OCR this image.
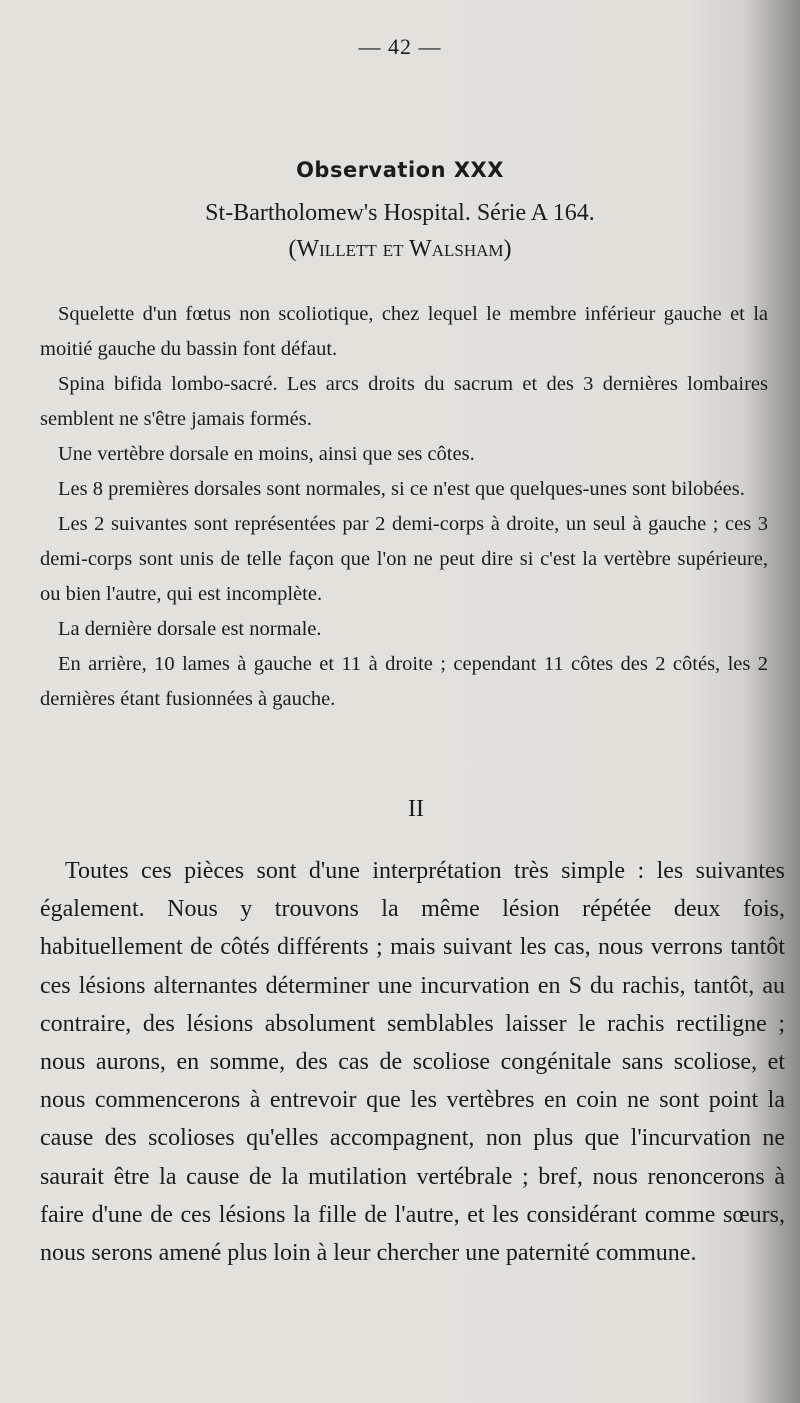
— 42 —
Observation XXX
St-Bartholomew's Hospital. Série A 164.
(Willett et Walsham)

Squelette d'un fœtus non scoliotique, chez lequel le membre inférieur gauche et la moitié gauche du bassin font défaut.

Spina bifida lombo-sacré. Les arcs droits du sacrum et des 3 dernières lombaires semblent ne s'être jamais formés.

Une vertèbre dorsale en moins, ainsi que ses côtes.

Les 8 premières dorsales sont normales, si ce n'est que quelques-unes sont bilobées.

Les 2 suivantes sont représentées par 2 demi-corps à droite, un seul à gauche ; ces 3 demi-corps sont unis de telle façon que l'on ne peut dire si c'est la vertèbre supérieure, ou bien l'autre, qui est incomplète.

La dernière dorsale est normale.

En arrière, 10 lames à gauche et 11 à droite ; cependant 11 côtes des 2 côtés, les 2 dernières étant fusionnées à gauche.

II

Toutes ces pièces sont d'une interprétation très simple : les suivantes également. Nous y trouvons la même lésion répétée deux fois, habituellement de côtés différents ; mais suivant les cas, nous verrons tantôt ces lésions alternantes déterminer une incurvation en S du rachis, tantôt, au contraire, des lésions absolument semblables laisser le rachis rectiligne ; nous aurons, en somme, des cas de scoliose congénitale sans scoliose, et nous commencerons à entrevoir que les vertèbres en coin ne sont point la cause des scolioses qu'elles accompagnent, non plus que l'incurvation ne saurait être la cause de la mutilation vertébrale ; bref, nous renoncerons à faire d'une de ces lésions la fille de l'autre, et les considérant comme sœurs, nous serons amené plus loin à leur chercher une paternité commune.
